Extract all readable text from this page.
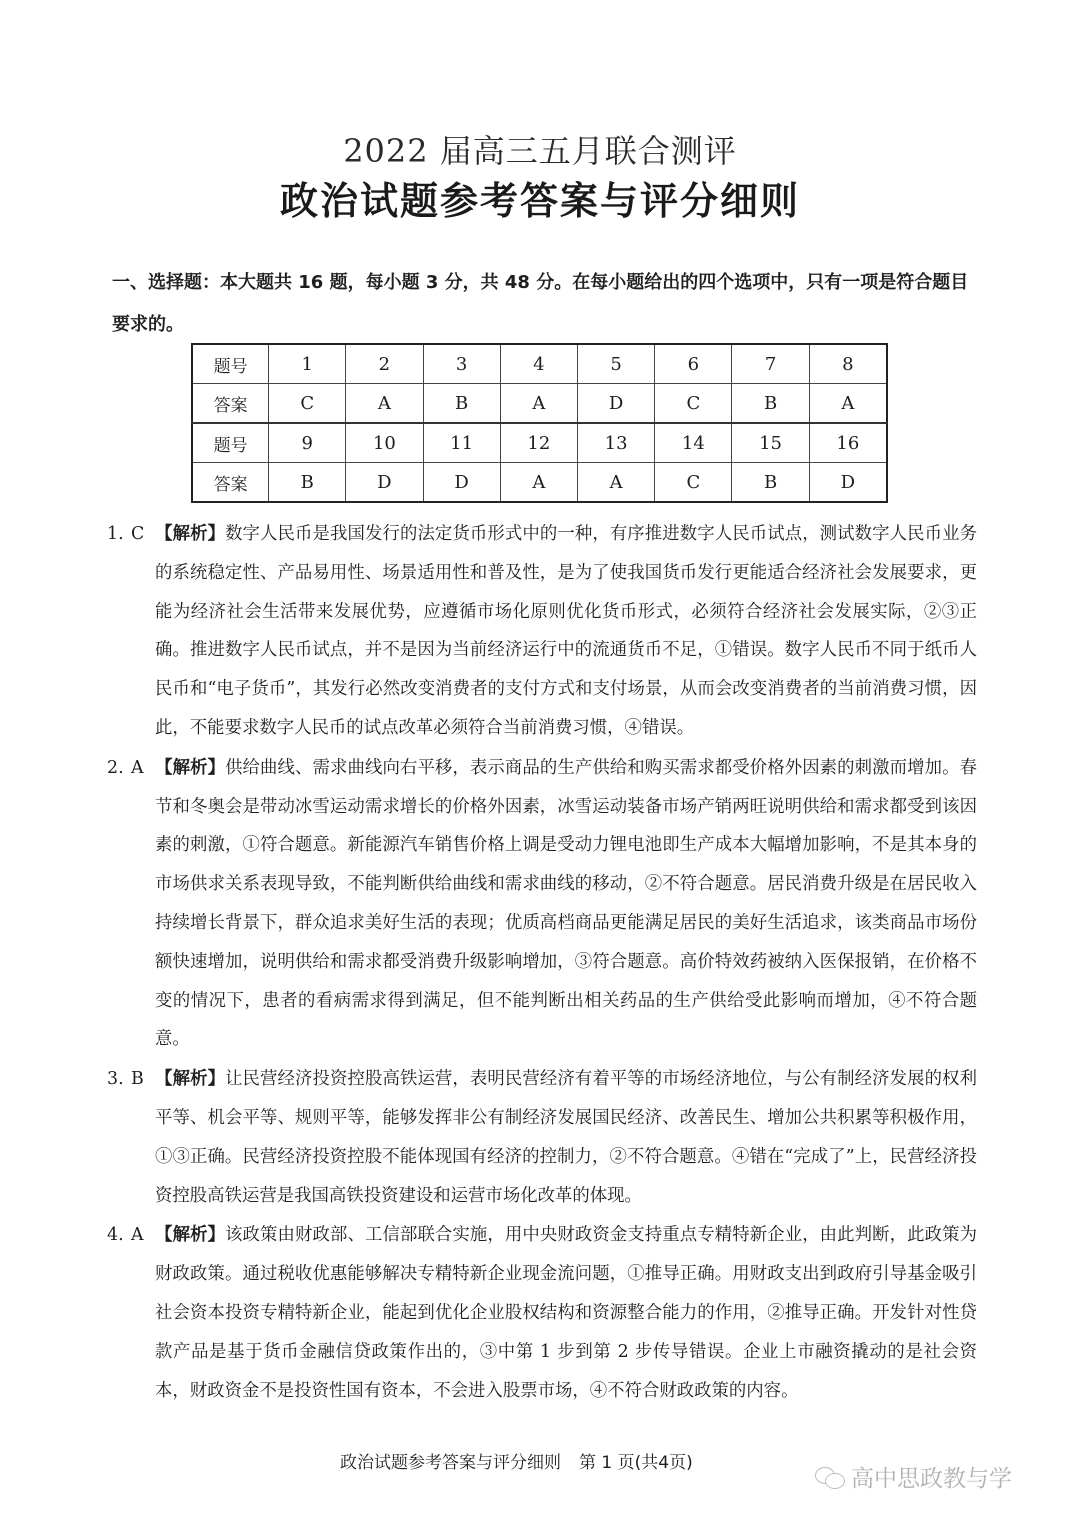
2022 届高三五月联合测评
政治试题参考答案与评分细则
一、选择题：本大题共 16 题，每小题 3 分，共 48 分。在每小题给出的四个选项中，只有一项是符合题目要求的。
题号	1	2	3	4	5	6	7	8
答案	C	A	B	A	D	C	B	A
题号	9	10	11	12	13	14	15	16
答案	B	D	D	A	A	C	B	D
1. C 【解析】数字人民币是我国发行的法定货币形式中的一种，有序推进数字人民币试点，测试数字人民币业务的系统稳定性、产品易用性、场景适用性和普及性，是为了使我国货币发行更能适合经济社会发展要求，更能为经济社会生活带来发展优势，应遵循市场化原则优化货币形式，必须符合经济社会发展实际，②③正确。推进数字人民币试点，并不是因为当前经济运行中的流通货币不足，①错误。数字人民币不同于纸币人民币和“电子货币”，其发行必然改变消费者的支付方式和支付场景，从而会改变消费者的当前消费习惯，因此，不能要求数字人民币的试点改革必须符合当前消费习惯，④错误。
2. A 【解析】供给曲线、需求曲线向右平移，表示商品的生产供给和购买需求都受价格外因素的刺激而增加。春节和冬奥会是带动冰雪运动需求增长的价格外因素，冰雪运动装备市场产销两旺说明供给和需求都受到该因素的刺激，①符合题意。新能源汽车销售价格上调是受动力锂电池即生产成本大幅增加影响，不是其本身的市场供求关系表现导致，不能判断供给曲线和需求曲线的移动，②不符合题意。居民消费升级是在居民收入持续增长背景下，群众追求美好生活的表现；优质高档商品更能满足居民的美好生活追求，该类商品市场份额快速增加，说明供给和需求都受消费升级影响增加，③符合题意。高价特效药被纳入医保报销，在价格不变的情况下，患者的看病需求得到满足，但不能判断出相关药品的生产供给受此影响而增加，④不符合题意。
3. B 【解析】让民营经济投资控股高铁运营，表明民营经济有着平等的市场经济地位，与公有制经济发展的权利平等、机会平等、规则平等，能够发挥非公有制经济发展国民经济、改善民生、增加公共积累等积极作用，①③正确。民营经济投资控股不能体现国有经济的控制力，②不符合题意。④错在“完成了”上，民营经济投资控股高铁运营是我国高铁投资建设和运营市场化改革的体现。
4. A 【解析】该政策由财政部、工信部联合实施，用中央财政资金支持重点专精特新企业，由此判断，此政策为财政政策。通过税收优惠能够解决专精特新企业现金流问题，①推导正确。用财政支出到政府引导基金吸引社会资本投资专精特新企业，能起到优化企业股权结构和资源整合能力的作用，②推导正确。开发针对性贷款产品是基于货币金融信贷政策作出的，③中第 1 步到第 2 步传导错误。企业上市融资撬动的是社会资本，财政资金不是投资性国有资本，不会进入股票市场，④不符合财政政策的内容。
政治试题参考答案与评分细则 第 1 页(共4页)
高中思政教与学
